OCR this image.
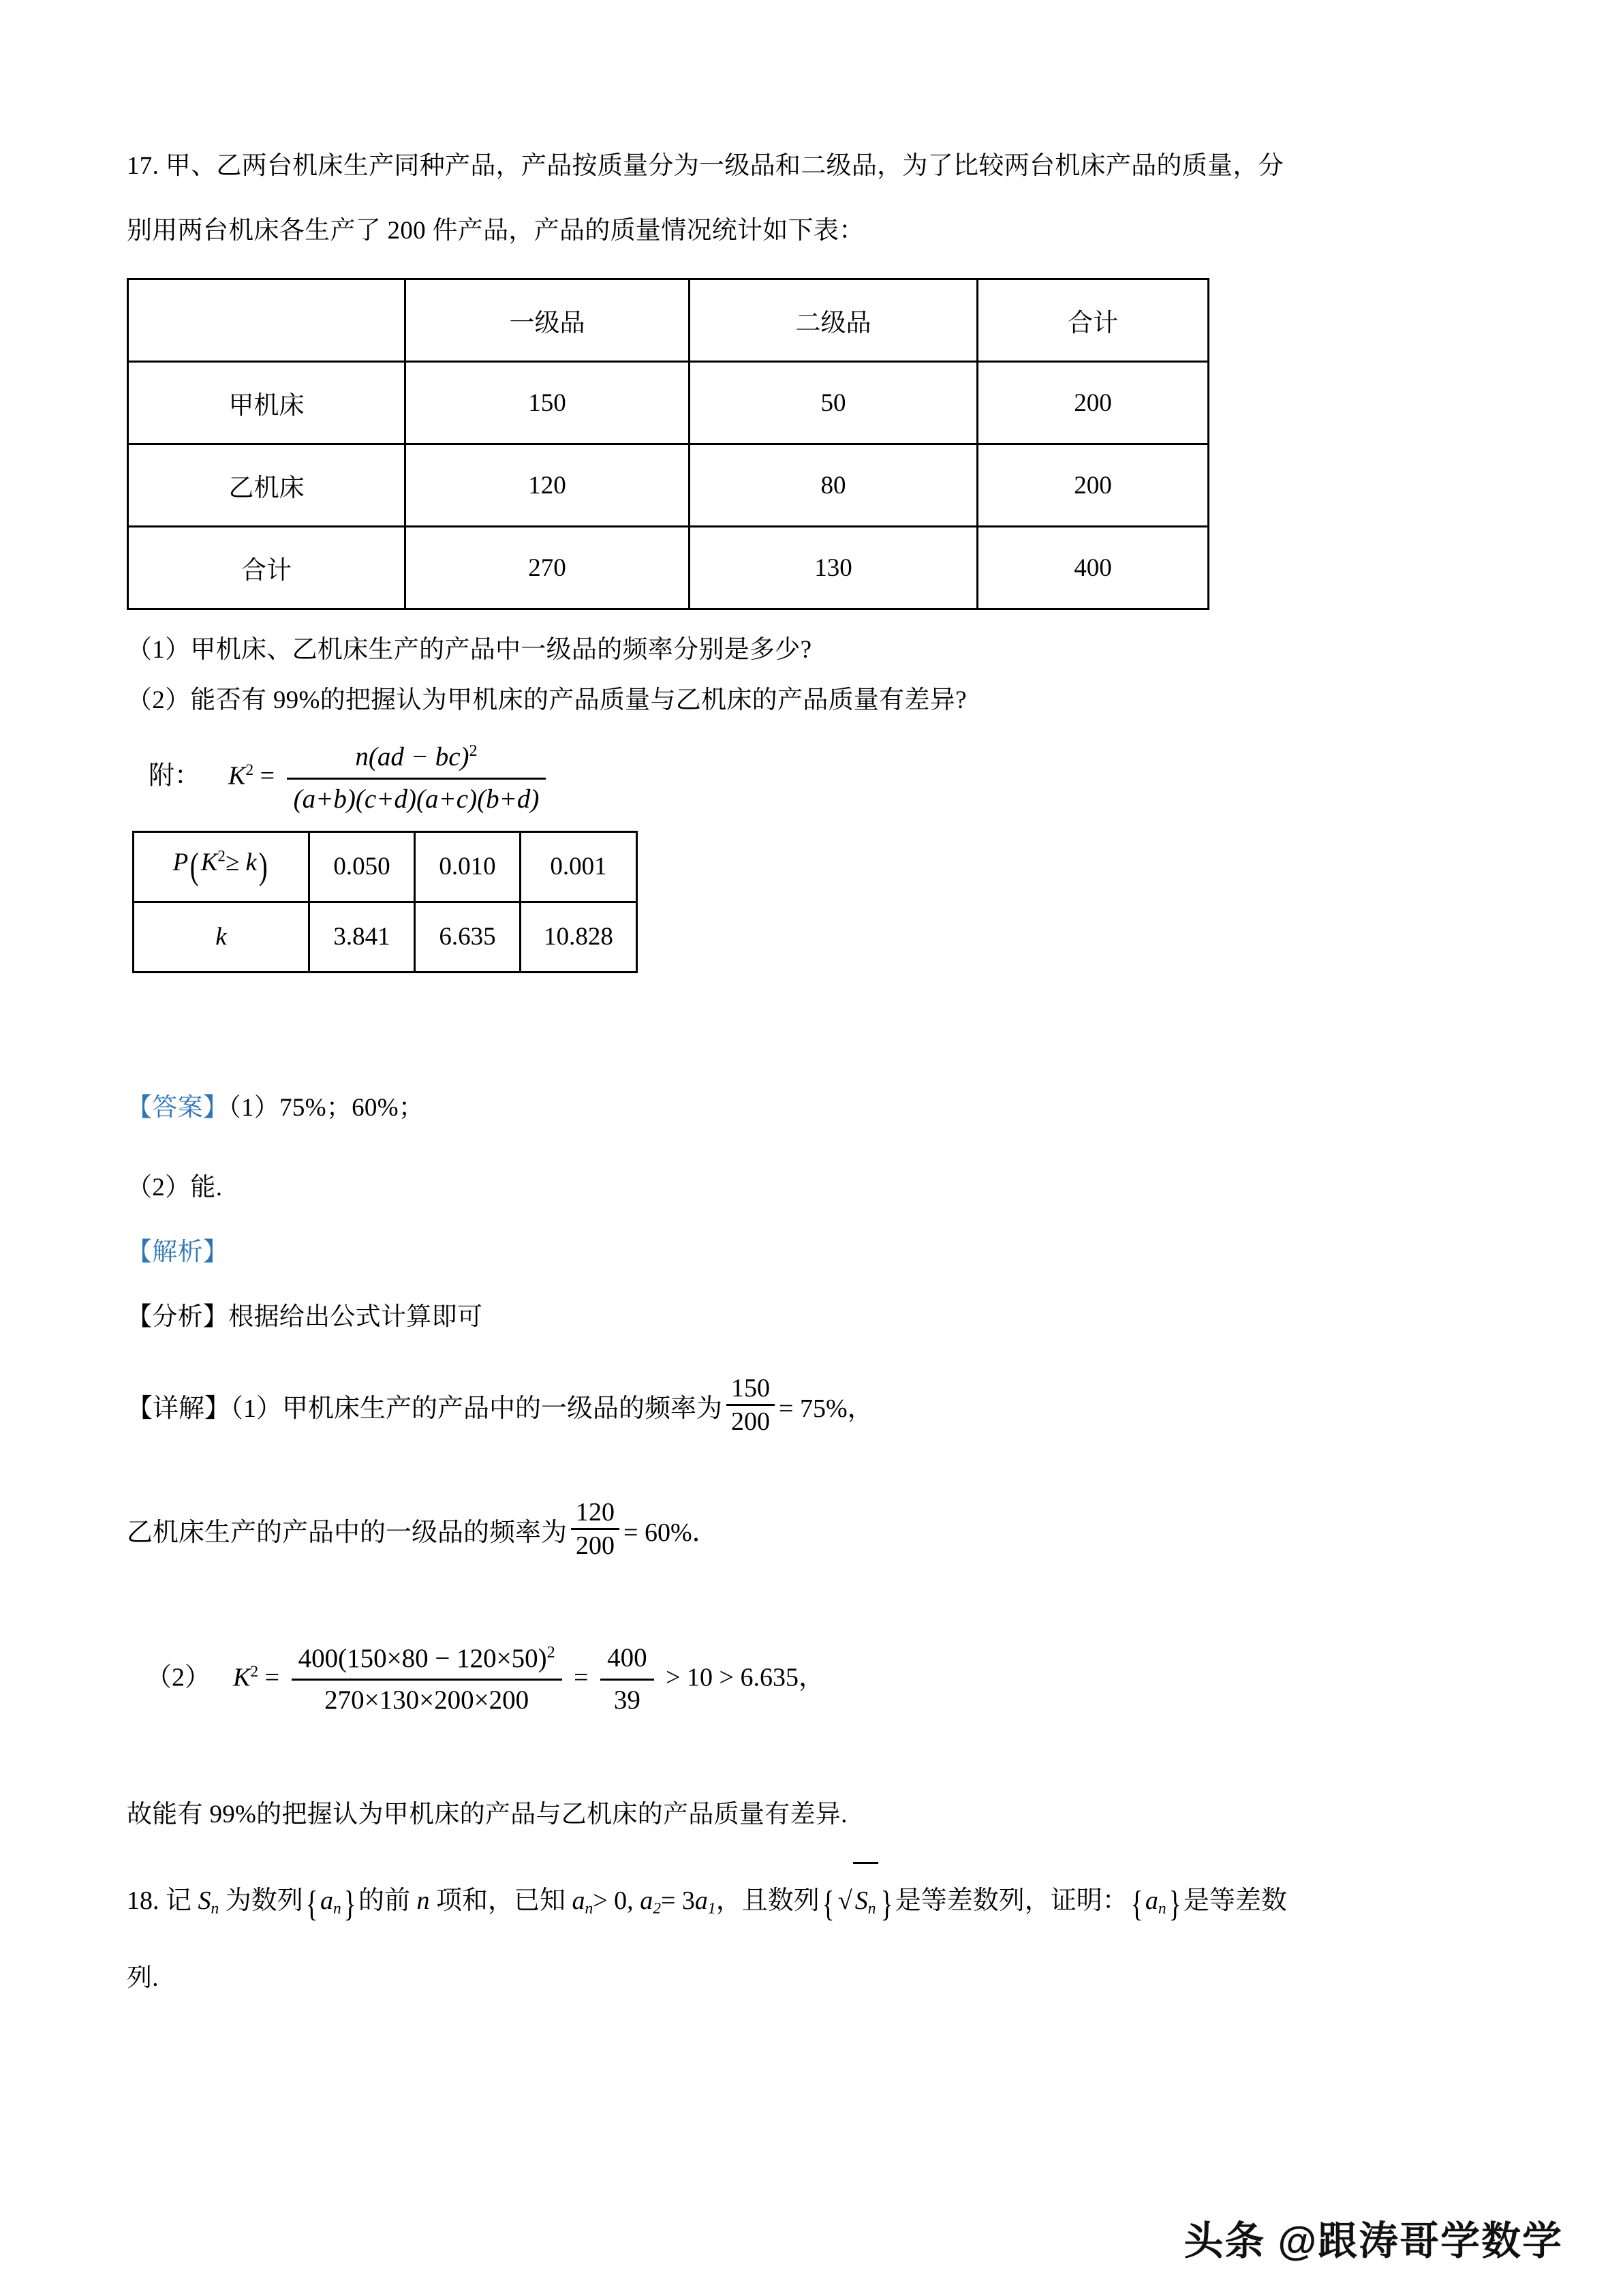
17. 甲、乙两台机床生产同种产品，产品按质量分为一级品和二级品，为了比较两台机床产品的质量，分
别用两台机床各生产了 200 件产品，产品的质量情况统计如下表：
	一级品	二级品	合计
甲机床	150	50	200
乙机床	120	80	200
合计	270	130	400
（1）甲机床、乙机床生产的产品中一级品的频率分别是多少?
（2）能否有 99%的把握认为甲机床的产品质量与乙机床的产品质量有差异?
附： $K^2 = \frac{n(ad - bc)^2}{(a+b)(c+d)(a+c)(b+d)}$
$P(K^2\ge k)$	0.050	0.010	0.001
k	3.841	6.635	10.828
【答案】（1）75%；60%；
（2）能.
【解析】
【分析】根据给出公式计算即可
【详解】（1）甲机床生产的产品中的一级品的频率为 $\frac{150}{200} = 75\%$，
乙机床生产的产品中的一级品的频率为 $\frac{120}{200} = 60\%$．
（2） $K^2 = \frac{400(150\times 80 - 120\times 50)^2}{270\times 130\times 200\times 200} = \frac{400}{39} > 10 > 6.635$，
故能有 99%的把握认为甲机床的产品与乙机床的产品质量有差异.
18. 记 $S_n$ 为数列$\{a_n\}$的前 n 项和，已知 $a_n> 0$, $a_2= 3a_1$，且数列{ √ $S_n$ }是等差数列，证明：$\{a_n\}$是等差数
列.
头条 @跟涛哥学数学
